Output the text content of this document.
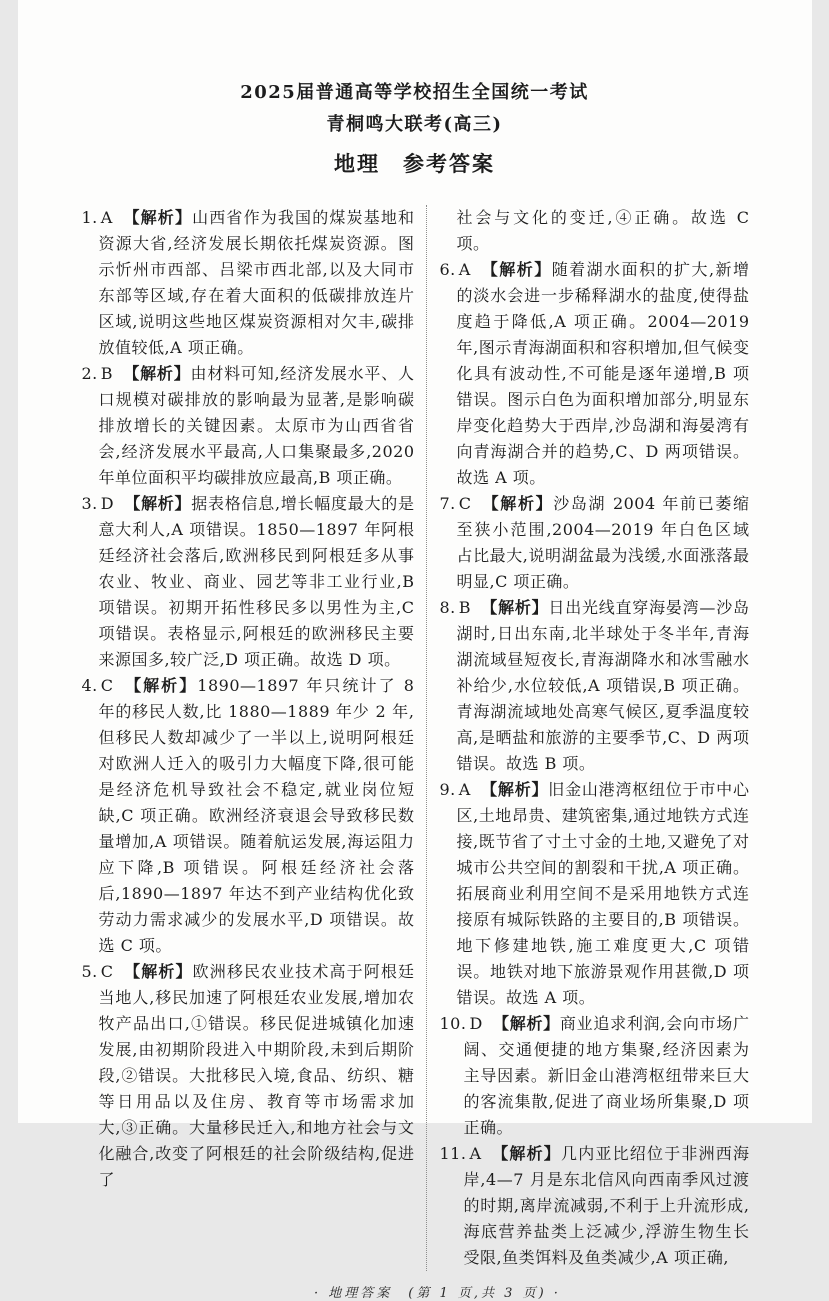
2025届普通高等学校招生全国统一考试
青桐鸣大联考(高三)
地理　参考答案

1. A 【解析】山西省作为我国的煤炭基地和资源大省,经济发展长期依托煤炭资源。图示忻州市西部、吕梁市西北部,以及大同市东部等区域,存在着大面积的低碳排放连片区域,说明这些地区煤炭资源相对欠丰,碳排放值较低,A 项正确。

2. B 【解析】由材料可知,经济发展水平、人口规模对碳排放的影响最为显著,是影响碳排放增长的关键因素。太原市为山西省省会,经济发展水平最高,人口集聚最多,2020 年单位面积平均碳排放应最高,B 项正确。

3. D 【解析】据表格信息,增长幅度最大的是意大利人,A 项错误。1850—1897 年阿根廷经济社会落后,欧洲移民到阿根廷多从事农业、牧业、商业、园艺等非工业行业,B 项错误。初期开拓性移民多以男性为主,C 项错误。表格显示,阿根廷的欧洲移民主要来源国多,较广泛,D 项正确。故选 D 项。

4. C 【解析】1890—1897 年只统计了 8 年的移民人数,比 1880—1889 年少 2 年,但移民人数却减少了一半以上,说明阿根廷对欧洲人迁入的吸引力大幅度下降,很可能是经济危机导致社会不稳定,就业岗位短缺,C 项正确。欧洲经济衰退会导致移民数量增加,A 项错误。随着航运发展,海运阻力应下降,B 项错误。阿根廷经济社会落后,1890—1897 年达不到产业结构优化致劳动力需求减少的发展水平,D 项错误。故选 C 项。

5. C 【解析】欧洲移民农业技术高于阿根廷当地人,移民加速了阿根廷农业发展,增加农牧产品出口,①错误。移民促进城镇化加速发展,由初期阶段进入中期阶段,未到后期阶段,②错误。大批移民入境,食品、纺织、糖等日用品以及住房、教育等市场需求加大,③正确。大量移民迁入,和地方社会与文化融合,改变了阿根廷的社会阶级结构,促进了

社会与文化的变迁,④正确。故选 C 项。

6. A 【解析】随着湖水面积的扩大,新增的淡水会进一步稀释湖水的盐度,使得盐度趋于降低,A 项正确。2004—2019 年,图示青海湖面积和容积增加,但气候变化具有波动性,不可能是逐年递增,B 项错误。图示白色为面积增加部分,明显东岸变化趋势大于西岸,沙岛湖和海晏湾有向青海湖合并的趋势,C、D 两项错误。故选 A 项。

7. C 【解析】沙岛湖 2004 年前已萎缩至狭小范围,2004—2019 年白色区域占比最大,说明湖盆最为浅缓,水面涨落最明显,C 项正确。

8. B 【解析】日出光线直穿海晏湾—沙岛湖时,日出东南,北半球处于冬半年,青海湖流域昼短夜长,青海湖降水和冰雪融水补给少,水位较低,A 项错误,B 项正确。青海湖流域地处高寒气候区,夏季温度较高,是晒盐和旅游的主要季节,C、D 两项错误。故选 B 项。

9. A 【解析】旧金山港湾枢纽位于市中心区,土地昂贵、建筑密集,通过地铁方式连接,既节省了寸土寸金的土地,又避免了对城市公共空间的割裂和干扰,A 项正确。拓展商业利用空间不是采用地铁方式连接原有城际铁路的主要目的,B 项错误。地下修建地铁,施工难度更大,C 项错误。地铁对地下旅游景观作用甚微,D 项错误。故选 A 项。

10. D 【解析】商业追求利润,会向市场广阔、交通便捷的地方集聚,经济因素为主导因素。新旧金山港湾枢纽带来巨大的客流集散,促进了商业场所集聚,D 项正确。

11. A 【解析】几内亚比绍位于非洲西海岸,4—7 月是东北信风向西南季风过渡的时期,离岸流减弱,不利于上升流形成,海底营养盐类上泛减少,浮游生物生长受限,鱼类饵料及鱼类减少,A 项正确,

· 地理答案　(第 1 页,共 3 页) ·
